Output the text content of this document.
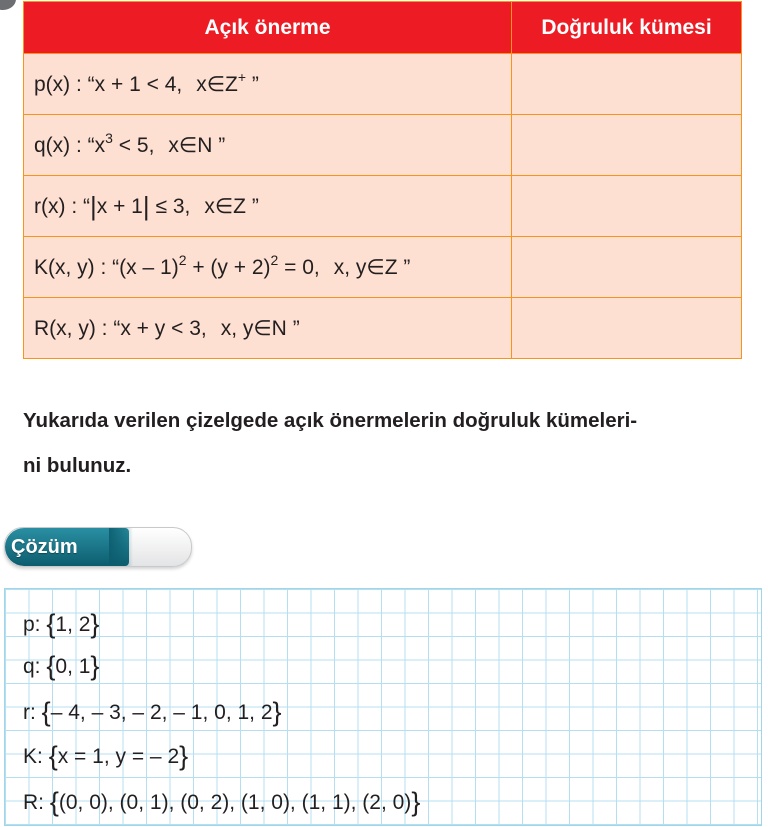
Açık önerme	Doğruluk kümesi
p(x) : “x + 1 < 4, x∈Z+ ”	
q(x) : “$x^3 < 5$, x∈N ”	
r(x) : “|x + 1| ≤ 3, x∈Z ”	
K(x, y) : “$(x - 1)^2 + (y + 2)^2 = 0$, x, y∈Z ”	
R(x, y) : “x + y < 3, x, y∈N ”	

Yukarıda verilen çizelgede açık önermelerin doğruluk kümeleri-
ni bulunuz.

Çözüm
p: {1, 2}
q: {0, 1}
r: {– 4, – 3, – 2, – 1, 0, 1, 2}
K: {x = 1, y = – 2}
R: {(0, 0), (0, 1), (0, 2), (1, 0), (1, 1), (2, 0)}
